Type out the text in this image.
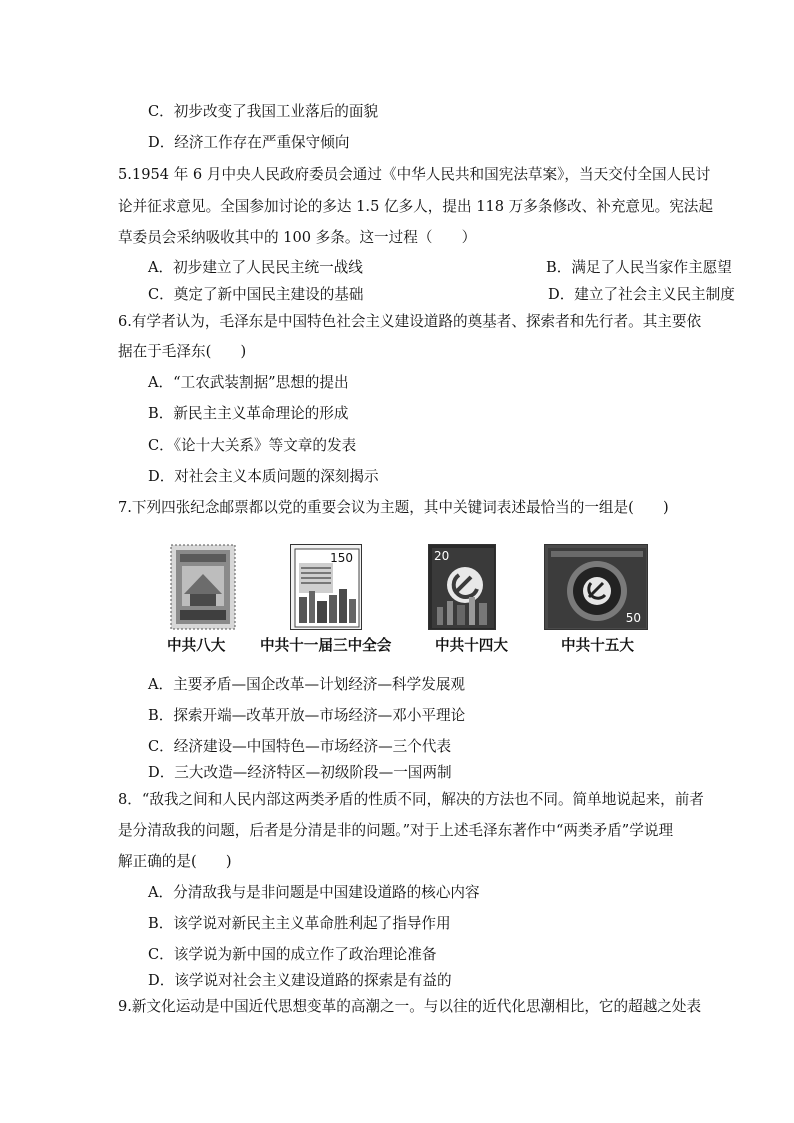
C．初步改变了我国工业落后的面貌
D．经济工作存在严重保守倾向
5.1954 年 6 月中央人民政府委员会通过《中华人民共和国宪法草案》，当天交付全国人民讨
论并征求意见。全国参加讨论的多达 1.5 亿多人，提出 118 万多条修改、补充意见。宪法起
草委员会采纳吸收其中的 100 多条。这一过程（　　）
A．初步建立了人民民主统一战线	B．满足了人民当家作主愿望
C．奠定了新中国民主建设的基础	D．建立了社会主义民主制度
6.有学者认为，毛泽东是中国特色社会主义建设道路的奠基者、探索者和先行者。其主要依
据在于毛泽东(　　)
A．“工农武装割据”思想的提出
B．新民主主义革命理论的形成
C．《论十大关系》等文章的发表
D．对社会主义本质问题的深刻揭示
7.下列四张纪念邮票都以党的重要会议为主题，其中关键词表述最恰当的一组是(　　)
150	20
50
中共八大 中共十一届三中全会	中共十四大	中共十五大
A．主要矛盾—国企改革—计划经济—科学发展观
B．探索开端—改革开放—市场经济—邓小平理论
C．经济建设—中国特色—市场经济—三个代表
D．三大改造—经济特区—初级阶段—一国两制
8．“敌我之间和人民内部这两类矛盾的性质不同，解决的方法也不同。简单地说起来，前者
是分清敌我的问题，后者是分清是非的问题。”对于上述毛泽东著作中“两类矛盾”学说理
解正确的是(　　)
A．分清敌我与是非问题是中国建设道路的核心内容
B．该学说对新民主主义革命胜利起了指导作用
C．该学说为新中国的成立作了政治理论准备
D．该学说对社会主义建设道路的探索是有益的
9.新文化运动是中国近代思想变革的高潮之一。与以往的近代化思潮相比，它的超越之处表
